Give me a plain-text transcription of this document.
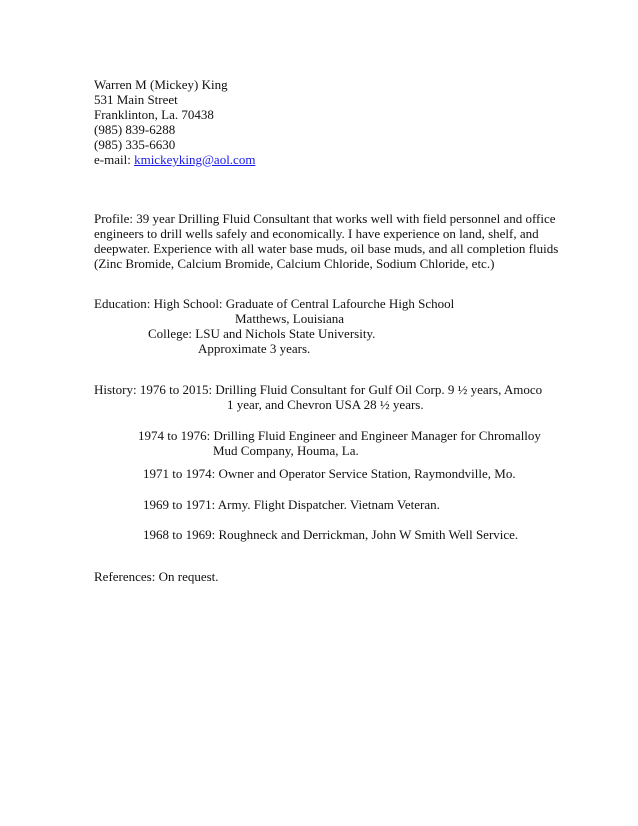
Warren M (Mickey) King
531 Main Street
Franklinton, La. 70438
(985) 839-6288
(985) 335-6630
e-mail: kmickeyking@aol.com
Profile: 39 year Drilling Fluid Consultant that works well with field personnel and office
engineers to drill wells safely and economically. I have experience on land, shelf, and
deepwater. Experience with all water base muds, oil base muds, and all completion fluids
(Zinc Bromide, Calcium Bromide, Calcium Chloride, Sodium Chloride, etc.)
Education: High School: Graduate of Central Lafourche High School
Matthews, Louisiana
College: LSU and Nichols State University.
Approximate 3 years.
History: 1976 to 2015: Drilling Fluid Consultant for Gulf Oil Corp. 9 ½ years, Amoco
1 year, and Chevron USA 28 ½ years.
1974 to 1976: Drilling Fluid Engineer and Engineer Manager for Chromalloy
Mud Company, Houma, La.
1971 to 1974: Owner and Operator Service Station, Raymondville, Mo.
1969 to 1971: Army. Flight Dispatcher. Vietnam Veteran.
1968 to 1969: Roughneck and Derrickman, John W Smith Well Service.
References: On request.
